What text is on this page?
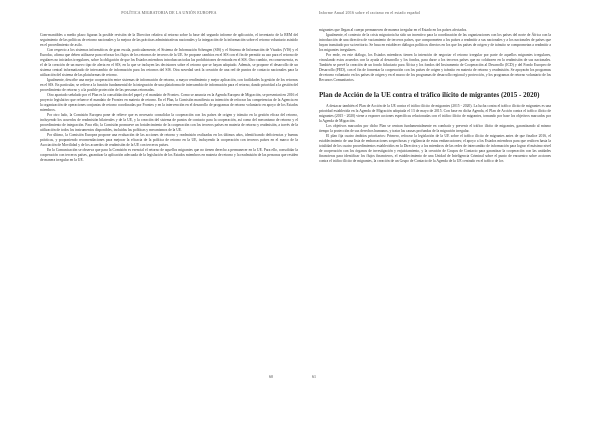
POLÍTICA MIGRATORIA DE LA UNIÓN EUROPEA

Com-mantibles a medio plazo figuran la posible revisión de la Directiva relativa al retorno sobre la base del segundo informe de aplicación, el inventario de la REM del seguimiento de las políticas de retorno nacionales y la mejora de las prácticas administrativas nacionales y la integración de la información sobre el retorno voluntario asistido en el procedimiento de asilo.

Con respecto a los sistemas informáticos de gran escala, particularmente, el Sistema de Información Schengen (SIS) y el Sistema de Información de Visados (VIS) y el Eurodac, afirma que deben utilizarse para reforzar los flujos de los retornos de terceros de la UE. Se propone cambios en el SIS con el fin de permitir su uso para el retorno de regulares no iniciados irregulares, sobre la obligación de que los Estados miembros introduzcan todas las prohibiciones de entrada en el SIS. Otro cambio, en consecuencia, es el de la creación de un nuevo tipo de alerta en el SIS, en la que se incluyen las decisiones sobre el retorno que se hayan adoptado. Además, se propone el desarrollo de un sistema central informatizado de intercambio de información para los retornos del SIS. Otra novedad será la creación de una red de puntos de contacto nacionales para la utilización del sistema de las plataformas de retorno.

Igualmente, describe una mejor cooperación entre sistemas de información de retorno, a mayor rendimiento y mejor aplicación, con facilidades la gestión de los retornos en el SIS. En particular, se refiere a la función fundamental de la integración de una plataforma de intercambio de información para el retorno, dando prioridad a la gestión del procedimiento de retorno y a la posible protección de las personas retornadas.

Otro apartado señalado por el Plan es la consolidación del papel y el mandato de Frontex. Como se anuncia en la Agenda Europea de Migración, se presentará en 2016 el proyecto legislativo que refuerce el mandato de Frontex en materia de retorno. En el Plan, la Comisión manifiesta su intención de reforzar las competencias de la Agencia en la organización de operaciones conjuntas de retorno coordinadas por Frontex y en la intervención en el desarrollo de programas de retorno voluntario en apoyo de los Estados miembros.

Por otro lado, la Comisión Europea pone de relieve que es necesario consolidar la cooperación con los países de origen y tránsito en la gestión eficaz del retorno, incluyendo los acuerdos de readmisión bilaterales y de la UE, y la creación del sistema de puntos de contacto para la cooperación, así como del mecanismo de retorno y el procedimiento de integración. Para ello, la Comisión promueve un fortalecimiento de la cooperación con los terceros países en materia de retorno y readmisión, a través de la utilización de todos los instrumentos disponibles, incluidas las políticas y mecanismos de la UE.

Por último, la Comisión Europea propone una evaluación de las acciones de retorno y readmisión realizadas en los últimos años, identificando deficiencias y buenas prácticas, y proponiendo recomendaciones para mejorar la eficacia de la política de retorno en la UE, incluyendo la cooperación con terceros países en el marco de la Asociación de Movilidad y de los acuerdos de readmisión de la UE con terceros países.

En la Comunicación se observa que para la Comisión es esencial el retorno de aquellos migrantes que no tienen derecho a permanecer en la UE. Para ello, consolidar la cooperación con terceros países, garantizar la aplicación adecuada de la legislación de los Estados miembros en materia de retorno y la readmisión de las personas que residen de manera irregular en la UE.

60
Informe Anual 2016 sobre el racismo en el estado español

migrantes que llegan al cuerpo permanecen de manera irregular en el Estado en los países afectados.

Igualmente, el contexto de la crisis migratoria ha sido un incentivo para la coordinación de las organizaciones con los países del norte de África con la introducción de una directiva de vaciamiento de terceros países, que comprometen a los países a readmitir a sus nacionales y a los nacionales de países que hayan transitado por su territorio. Se basa en establecer diálogos políticos directos en los que los países de origen y de tránsito se comprometan a readmitir a los migrantes irregulares.

Por ende, en este diálogo, los Estados miembros tienen la intención de negociar el retorno irregular por parte de aquellos migrantes irregulares, vinculando estos acuerdos con la ayuda al desarrollo y los fondos, para darse a los terceros países que no colaboren en la readmisión de sus nacionales. También se prevé la creación de un fondo fiduciario para África y los fondos del Instrumento de Cooperación al Desarrollo (ICD) y del Fondo Europeo de Desarrollo (FED), con el fin de fomentar la cooperación con los países de origen y tránsito en materia de retorno y readmisión. Se apoyarán los programas de retorno voluntario en los países de origen y en el marco de los programas de desarrollo regional y protección, y los programas de retorno voluntario de los Recursos Comunitarios.

Plan de Acción de la UE contra el tráfico ilícito de migrantes (2015 - 2020)

A destacar también el Plan de Acción de la UE contra el tráfico ilícito de migrantes (2015 - 2020). La lucha contra el tráfico ilícito de migrantes es una prioridad establecida en la Agenda de Migración adoptada el 13 de mayo de 2015. Con base en dicha Agenda, el Plan de Acción contra el tráfico ilícito de migrantes (2015 - 2020) viene a exponer acciones específicas relacionadas con el tráfico ilícito de migrantes, tomando por base los objetivos marcados por la Agenda de Migración.

Los objetivos marcados por dicho Plan se centran fundamentalmente en combatir y prevenir el tráfico ilícito de migrantes, garantizando al mismo tiempo la protección de sus derechos humanos, y tratar las causas profundas de la migración irregular.

El plan fija cuatro ámbitos prioritarios: Primero, reforzar la legislación de la UE sobre el tráfico ilícito de migrantes antes de que finalice 2016, el establecimiento de una lista de embarcaciones sospechosas y vigilancia de estas embarcaciones; el apoyo a los Estados miembros para que realicen hasta la totalidad de los cuatro procedimientos establecidos en la Directiva y a los miembros de las redes de intercambio de información para lograr el máximo nivel de cooperación con los órganos de investigación y enjuiciamiento, y la creación de Grupos de Contacto para garantizar la cooperación con las unidades financieras para identificar los flujos financieros, el establecimiento de una Unidad de Inteligencia Criminal sobre el punto de encuentro sobre acciones contra el tráfico ilícito de migrantes, la creación de un Grupo de Contacto de la Agenda de la UE centrado en el tráfico de los

61
